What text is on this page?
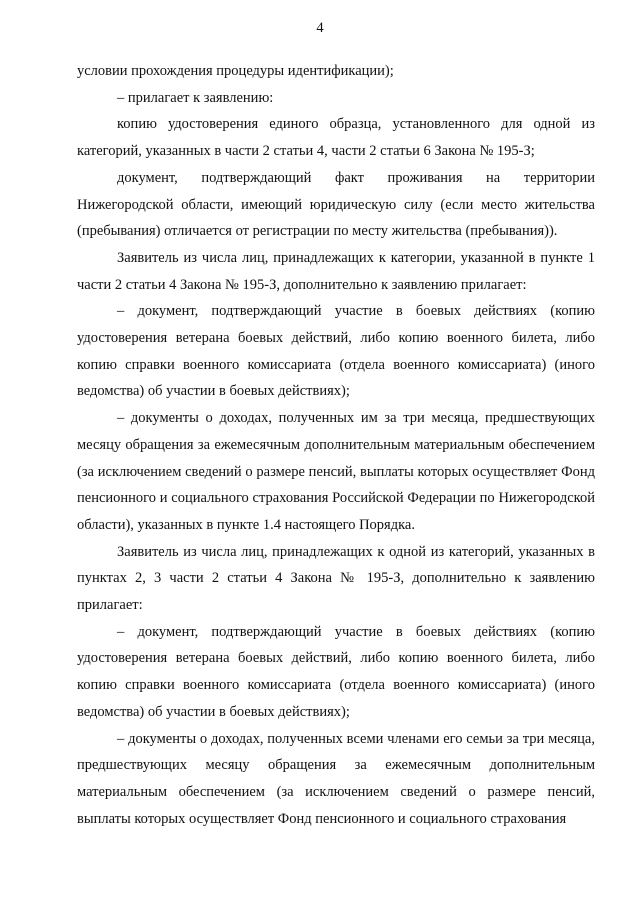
4

условии прохождения процедуры идентификации);

– прилагает к заявлению:

копию удостоверения единого образца, установленного для одной из категорий, указанных в части 2 статьи 4, части 2 статьи 6 Закона № 195-З;

документ, подтверждающий факт проживания на территории Нижегородской области, имеющий юридическую силу (если место жительства (пребывания) отличается от регистрации по месту жительства (пребывания)).

Заявитель из числа лиц, принадлежащих к категории, указанной в пункте 1 части 2 статьи 4 Закона № 195-З, дополнительно к заявлению прилагает:

– документ, подтверждающий участие в боевых действиях (копию удостоверения ветерана боевых действий, либо копию военного билета, либо копию справки военного комиссариата (отдела военного комиссариата) (иного ведомства) об участии в боевых действиях);

– документы о доходах, полученных им за три месяца, предшествующих месяцу обращения за ежемесячным дополнительным материальным обеспечением (за исключением сведений о размере пенсий, выплаты которых осуществляет Фонд пенсионного и социального страхования Российской Федерации по Нижегородской области), указанных в пункте 1.4 настоящего Порядка.

Заявитель из числа лиц, принадлежащих к одной из категорий, указанных в пунктах 2, 3 части 2 статьи 4 Закона № 195-З, дополнительно к заявлению прилагает:

– документ, подтверждающий участие в боевых действиях (копию удостоверения ветерана боевых действий, либо копию военного билета, либо копию справки военного комиссариата (отдела военного комиссариата) (иного ведомства) об участии в боевых действиях);

– документы о доходах, полученных всеми членами его семьи за три месяца, предшествующих месяцу обращения за ежемесячным дополнительным материальным обеспечением (за исключением сведений о размере пенсий, выплаты которых осуществляет Фонд пенсионного и социального страхования
